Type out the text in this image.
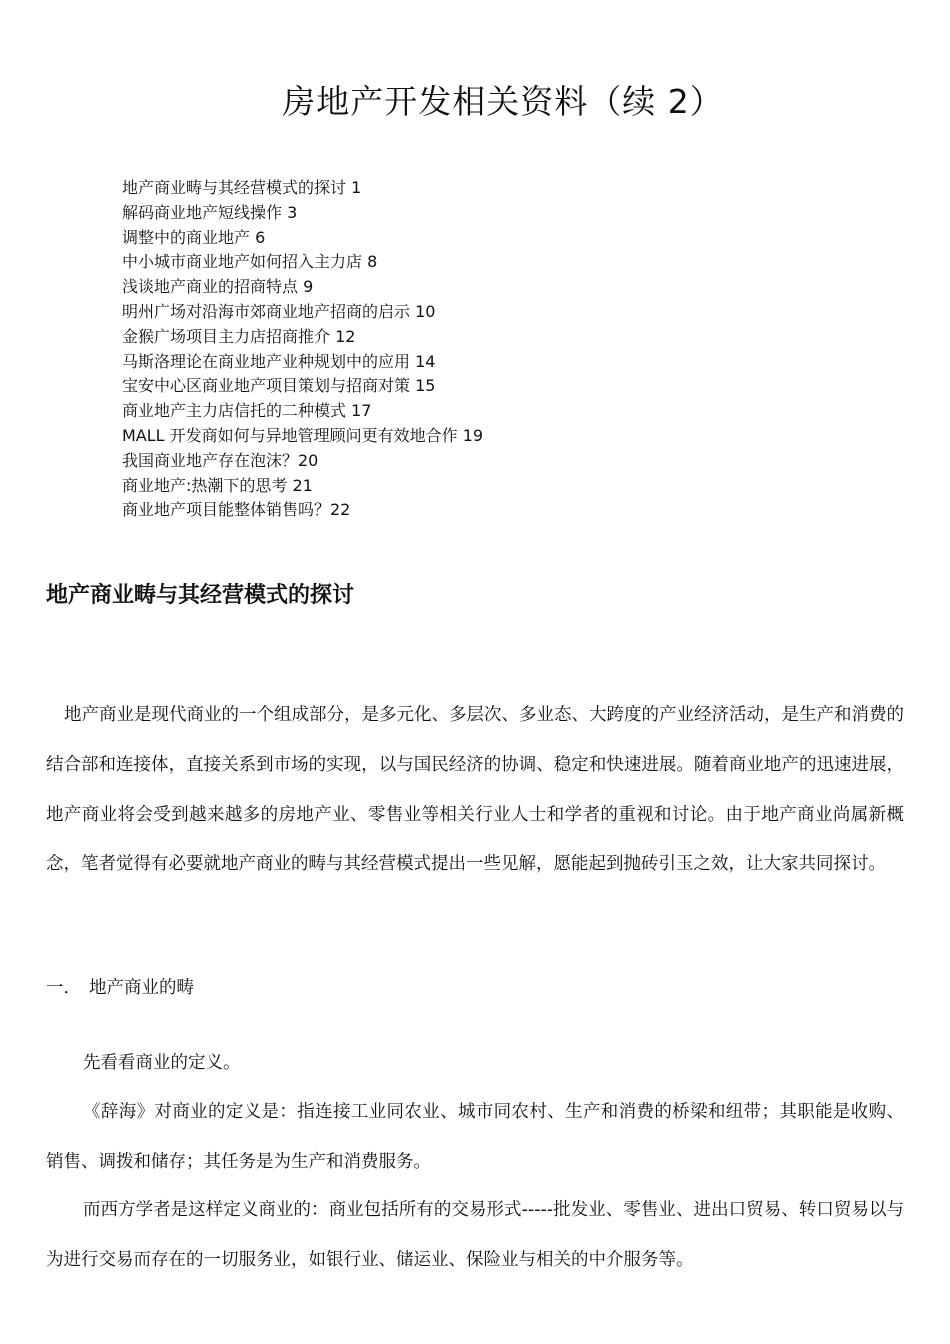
房地产开发相关资料（续 2）
地产商业畴与其经营模式的探讨 1
解码商业地产短线操作 3
调整中的商业地产 6
中小城市商业地产如何招入主力店 8
浅谈地产商业的招商特点 9
明州广场对沿海市郊商业地产招商的启示 10
金猴广场项目主力店招商推介 12
马斯洛理论在商业地产业种规划中的应用 14
宝安中心区商业地产项目策划与招商对策 15
商业地产主力店信托的二种模式 17
MALL 开发商如何与异地管理顾问更有效地合作 19
我国商业地产存在泡沫？20
商业地产:热潮下的思考 21
商业地产项目能整体销售吗？22
地产商业畴与其经营模式的探讨

地产商业是现代商业的一个组成部分，是多元化、多层次、多业态、大跨度的产业经济活动，是生产和消费的结合部和连接体，直接关系到市场的实现，以与国民经济的协调、稳定和快速进展。随着商业地产的迅速进展，地产商业将会受到越来越多的房地产业、零售业等相关行业人士和学者的重视和讨论。由于地产商业尚属新概念，笔者觉得有必要就地产商业的畴与其经营模式提出一些见解，愿能起到抛砖引玉之效，让大家共同探讨。

一． 地产商业的畴

先看看商业的定义。

《辞海》对商业的定义是：指连接工业同农业、城市同农村、生产和消费的桥梁和纽带；其职能是收购、销售、调拨和储存；其任务是为生产和消费服务。

而西方学者是这样定义商业的：商业包括所有的交易形式-----批发业、零售业、进出口贸易、转口贸易以与为进行交易而存在的一切服务业，如银行业、储运业、保险业与相关的中介服务等。
